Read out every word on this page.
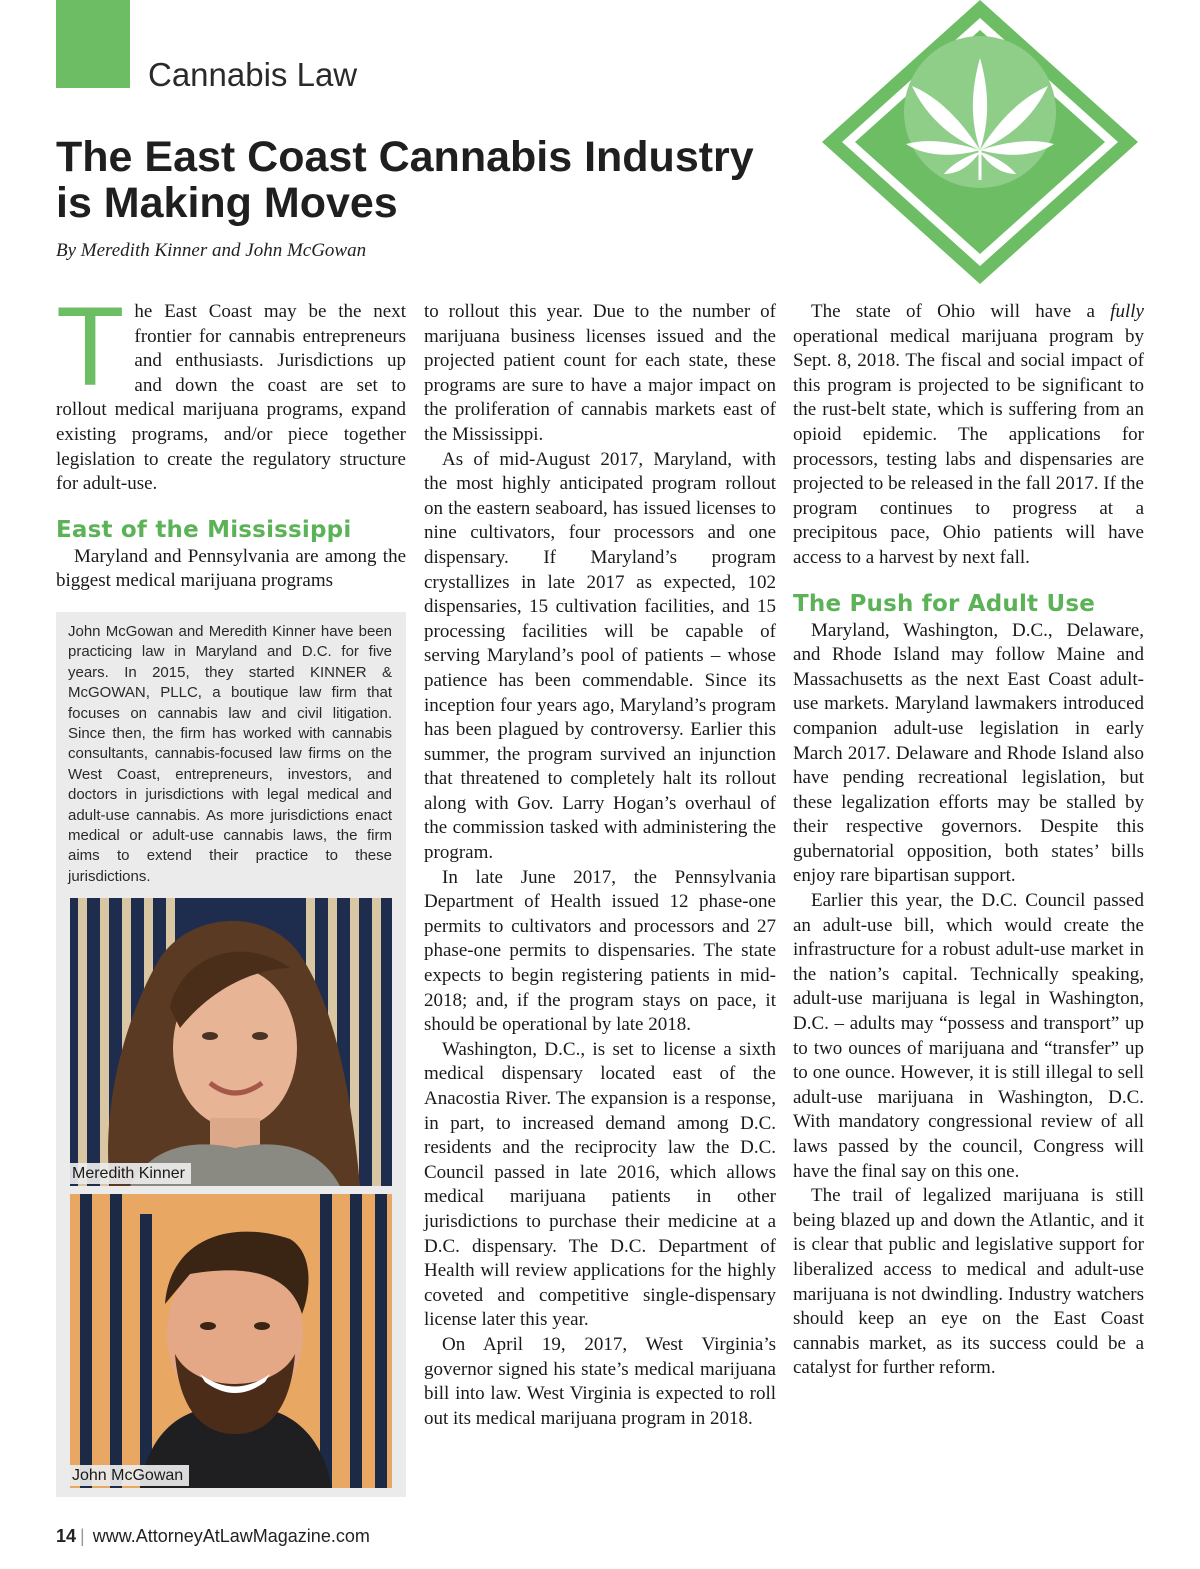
Cannabis Law
The East Coast Cannabis Industry
is Making Moves
By Meredith Kinner and John McGowan

The East Coast may be the next frontier for cannabis entrepreneurs and enthusiasts. Jurisdictions up and down the coast are set to rollout medical marijuana programs, expand existing programs, and/or piece together legislation to create the regulatory structure for adult-use.

East of the Mississippi

Maryland and Pennsylvania are among the biggest medical marijuana programs

John McGowan and Meredith Kinner have been practicing law in Maryland and D.C. for five years. In 2015, they started KINNER & McGOWAN, PLLC, a boutique law firm that focuses on cannabis law and civil litigation. Since then, the firm has worked with cannabis consultants, cannabis-focused law firms on the West Coast, entrepreneurs, investors, and doctors in jurisdictions with legal medical and adult-use cannabis. As more jurisdictions enact medical or adult-use cannabis laws, the firm aims to extend their practice to these jurisdictions.
Meredith Kinner
John McGowan

to rollout this year. Due to the number of marijuana business licenses issued and the projected patient count for each state, these programs are sure to have a major impact on the proliferation of cannabis markets east of the Mississippi.

As of mid-August 2017, Maryland, with the most highly anticipated program rollout on the eastern seaboard, has issued licenses to nine cultivators, four processors and one dispensary. If Maryland’s program crystallizes in late 2017 as expected, 102 dispensaries, 15 cultivation facilities, and 15 processing facilities will be capable of serving Maryland’s pool of patients – whose patience has been commendable. Since its inception four years ago, Maryland’s program has been plagued by controversy. Earlier this summer, the program survived an injunction that threatened to completely halt its rollout along with Gov. Larry Hogan’s overhaul of the commission tasked with administering the program.

In late June 2017, the Pennsylvania Department of Health issued 12 phase-one permits to cultivators and processors and 27 phase-one permits to dispensaries. The state expects to begin registering patients in mid-2018; and, if the program stays on pace, it should be operational by late 2018.

Washington, D.C., is set to license a sixth medical dispensary located east of the Anacostia River. The expansion is a response, in part, to increased demand among D.C. residents and the reciprocity law the D.C. Council passed in late 2016, which allows medical marijuana patients in other jurisdictions to purchase their medicine at a D.C. dispensary. The D.C. Department of Health will review applications for the highly coveted and competitive single-dispensary license later this year.

On April 19, 2017, West Virginia’s governor signed his state’s medical marijuana bill into law. West Virginia is expected to roll out its medical marijuana program in 2018.

The state of Ohio will have a fully operational medical marijuana program by Sept. 8, 2018. The fiscal and social impact of this program is projected to be significant to the rust-belt state, which is suffering from an opioid epidemic. The applications for processors, testing labs and dispensaries are projected to be released in the fall 2017. If the program continues to progress at a precipitous pace, Ohio patients will have access to a harvest by next fall.

The Push for Adult Use

Maryland, Washington, D.C., Delaware, and Rhode Island may follow Maine and Massachusetts as the next East Coast adult-use markets. Maryland lawmakers introduced companion adult-use legislation in early March 2017. Delaware and Rhode Island also have pending recreational legislation, but these legalization efforts may be stalled by their respective governors. Despite this gubernatorial opposition, both states’ bills enjoy rare bipartisan support.

Earlier this year, the D.C. Council passed an adult-use bill, which would create the infrastructure for a robust adult-use market in the nation’s capital. Technically speaking, adult-use marijuana is legal in Washington, D.C. – adults may “possess and transport” up to two ounces of marijuana and “transfer” up to one ounce. However, it is still illegal to sell adult-use marijuana in Washington, D.C. With mandatory congressional review of all laws passed by the council, Congress will have the final say on this one.

The trail of legalized marijuana is still being blazed up and down the Atlantic, and it is clear that public and legislative support for liberalized access to medical and adult-use marijuana is not dwindling. Industry watchers should keep an eye on the East Coast cannabis market, as its success could be a catalyst for further reform.

14 | www.AttorneyAtLawMagazine.com
